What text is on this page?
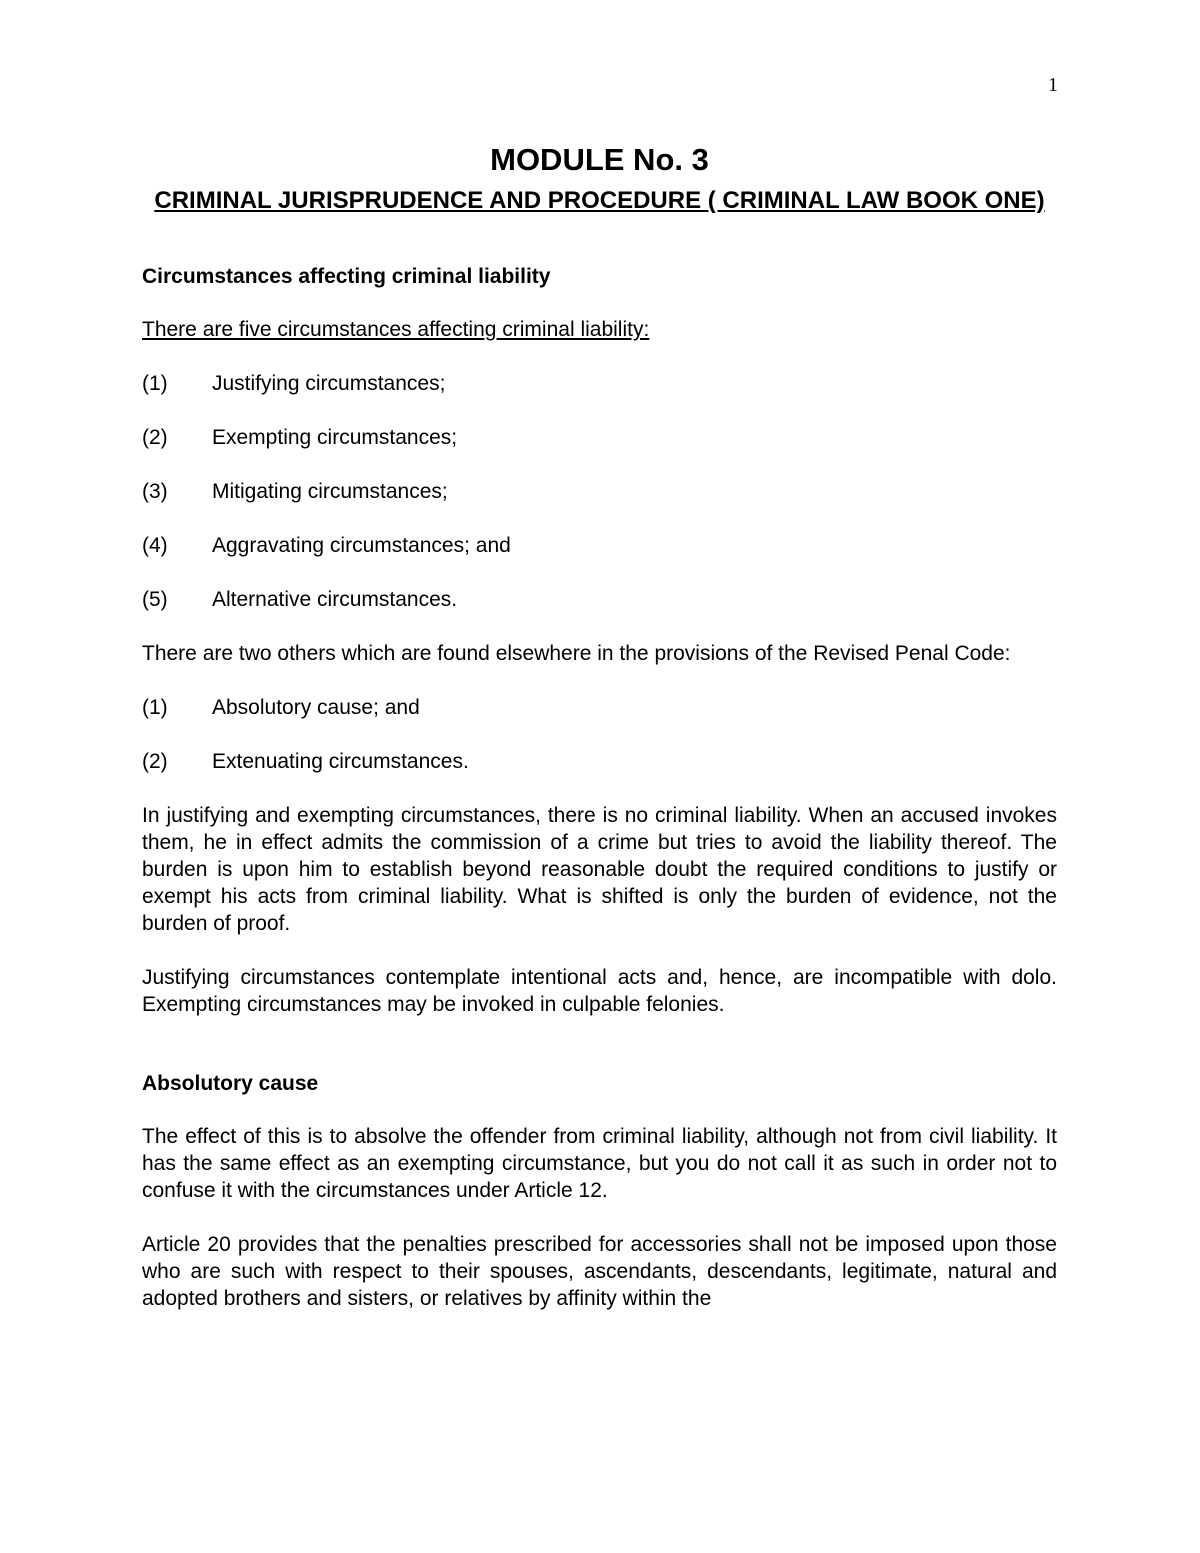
1
MODULE No. 3
CRIMINAL JURISPRUDENCE AND PROCEDURE ( CRIMINAL LAW BOOK ONE)
Circumstances affecting criminal liability

There are five circumstances affecting criminal liability:

(1)	Justifying circumstances;
(2)	Exempting circumstances;
(3)	Mitigating circumstances;
(4)	Aggravating circumstances; and
(5)	Alternative circumstances.

There are two others which are found elsewhere in the provisions of the Revised Penal Code:

(1)	Absolutory cause; and
(2)	Extenuating circumstances.

In justifying and exempting circumstances, there is no criminal liability. When an accused invokes them, he in effect admits the commission of a crime but tries to avoid the liability thereof. The burden is upon him to establish beyond reasonable doubt the required conditions to justify or exempt his acts from criminal liability. What is shifted is only the burden of evidence, not the burden of proof.

Justifying circumstances contemplate intentional acts and, hence, are incompatible with dolo. Exempting circumstances may be invoked in culpable felonies.

Absolutory cause

The effect of this is to absolve the offender from criminal liability, although not from civil liability. It has the same effect as an exempting circumstance, but you do not call it as such in order not to confuse it with the circumstances under Article 12.

Article 20 provides that the penalties prescribed for accessories shall not be imposed upon those who are such with respect to their spouses, ascendants, descendants, legitimate, natural and adopted brothers and sisters, or relatives by affinity within the
